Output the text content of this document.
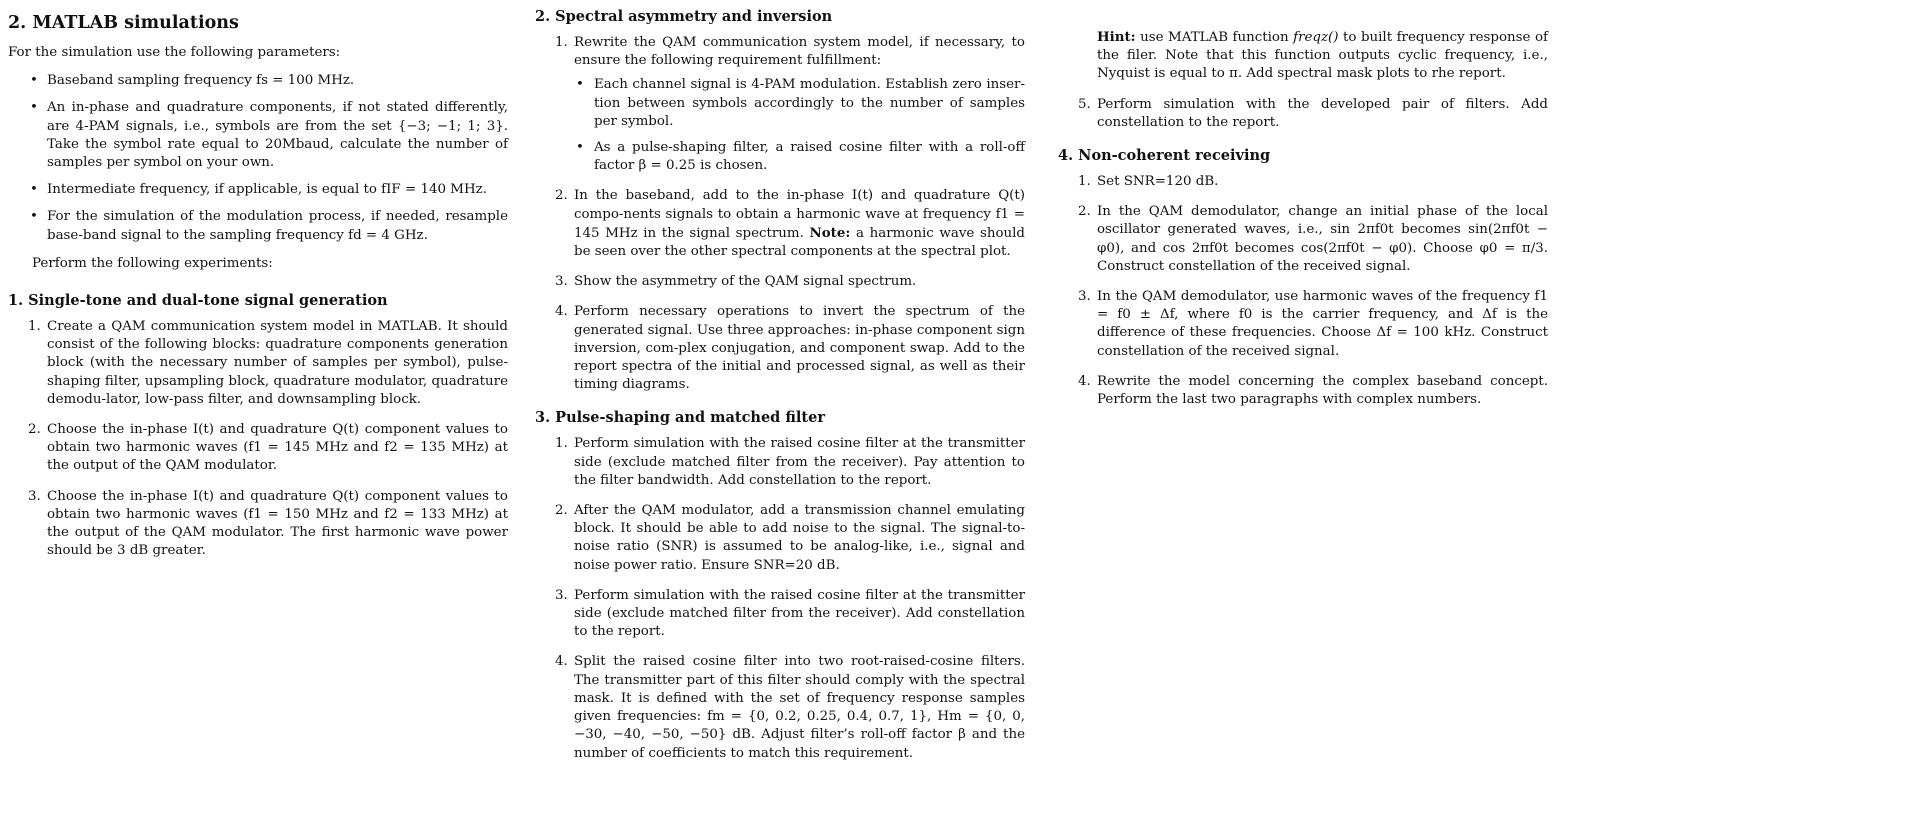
2. MATLAB simulations

For the simulation use the following parameters:

• Baseband sampling frequency fs = 100 MHz.
• An in-phase and quadrature components, if not stated differently, are 4-PAM signals, i.e., symbols are from the set {−3; −1; 1; 3}. Take the symbol rate equal to 20Mbaud, calculate the number of samples per symbol on your own.
• Intermediate frequency, if applicable, is equal to fIF = 140 MHz.
• For the simulation of the modulation process, if needed, resample base-band signal to the sampling frequency fd = 4 GHz.

Perform the following experiments:

1. Single-tone and dual-tone signal generation
1. Create a QAM communication system model in MATLAB. It should consist of the following blocks: quadrature components generation block (with the necessary number of samples per symbol), pulse-shaping filter, upsampling block, quadrature modulator, quadrature demodu-lator, low-pass filter, and downsampling block.
2. Choose the in-phase I(t) and quadrature Q(t) component values to obtain two harmonic waves (f1 = 145 MHz and f2 = 135 MHz) at the output of the QAM modulator.
3. Choose the in-phase I(t) and quadrature Q(t) component values to obtain two harmonic waves (f1 = 150 MHz and f2 = 133 MHz) at the output of the QAM modulator. The first harmonic wave power should be 3 dB greater.
2. Spectral asymmetry and inversion
1. Rewrite the QAM communication system model, if necessary, to ensure the following requirement fulfillment:
• Each channel signal is 4-PAM modulation. Establish zero inser-tion between symbols accordingly to the number of samples per symbol.
• As a pulse-shaping filter, a raised cosine filter with a roll-off factor β = 0.25 is chosen.
2. In the baseband, add to the in-phase I(t) and quadrature Q(t) compo-nents signals to obtain a harmonic wave at frequency f1 = 145 MHz in the signal spectrum. Note: a harmonic wave should be seen over the other spectral components at the spectral plot.
3. Show the asymmetry of the QAM signal spectrum.
4. Perform necessary operations to invert the spectrum of the generated signal. Use three approaches: in-phase component sign inversion, com-plex conjugation, and component swap. Add to the report spectra of the initial and processed signal, as well as their timing diagrams.
3. Pulse-shaping and matched filter
1. Perform simulation with the raised cosine filter at the transmitter side (exclude matched filter from the receiver). Pay attention to the filter bandwidth. Add constellation to the report.
2. After the QAM modulator, add a transmission channel emulating block. It should be able to add noise to the signal. The signal-to-noise ratio (SNR) is assumed to be analog-like, i.e., signal and noise power ratio. Ensure SNR=20 dB.
3. Perform simulation with the raised cosine filter at the transmitter side (exclude matched filter from the receiver). Add constellation to the report.
4. Split the raised cosine filter into two root-raised-cosine filters. The transmitter part of this filter should comply with the spectral mask. It is defined with the set of frequency response samples given frequencies: fm = {0, 0.2, 0.25, 0.4, 0.7, 1}, Hm = {0, 0, −30, −40, −50, −50} dB. Adjust filter’s roll-off factor β and the number of coefficients to match this requirement.

Hint: use MATLAB function freqz() to built frequency response of the filer. Note that this function outputs cyclic frequency, i.e., Nyquist is equal to π. Add spectral mask plots to rhe report.

5. Perform simulation with the developed pair of filters. Add constellation to the report.
4. Non-coherent receiving
1. Set SNR=120 dB.
2. In the QAM demodulator, change an initial phase of the local oscillator generated waves, i.e., sin 2πf0t becomes sin(2πf0t − φ0), and cos 2πf0t becomes cos(2πf0t − φ0). Choose φ0 = π/3. Construct constellation of the received signal.
3. In the QAM demodulator, use harmonic waves of the frequency f1 = f0 ± Δf, where f0 is the carrier frequency, and Δf is the difference of these frequencies. Choose Δf = 100 kHz. Construct constellation of the received signal.
4. Rewrite the model concerning the complex baseband concept. Perform the last two paragraphs with complex numbers.
